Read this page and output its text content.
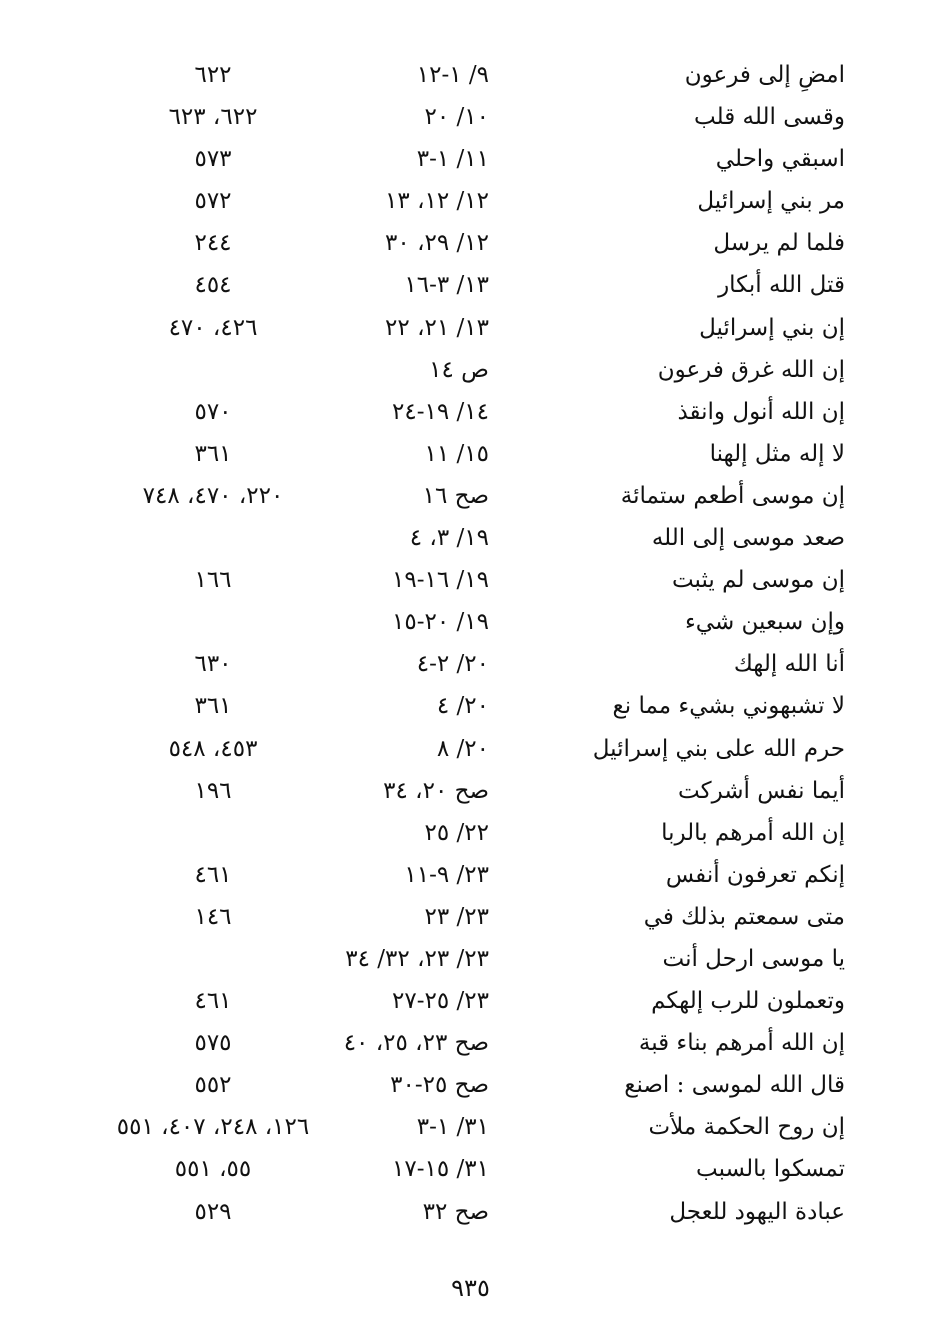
امضِ إلى فرعون
٩/ ١-١٢
٦٢٢
وقسى الله قلب
١٠/ ٢٠
٦٢٢، ٦٢٣
اسبقي واحلي
١١/ ١-٣
٥٧٣
مر بني إسرائيل
١٢/ ١٢، ١٣
٥٧٢
فلما لم يرسل
١٢/ ٢٩، ٣٠
٢٤٤
قتل الله أبكار
١٣/ ٣-١٦
٤٥٤
إن بني إسرائيل
١٣/ ٢١، ٢٢
٤٢٦، ٤٧٠
إن الله غرق فرعون
ص ١٤
إن الله أنول وانقذ
١٤/ ١٩-٢٤
٥٧٠
لا إله مثل إلهنا
١٥/ ١١
٣٦١
إن موسى أطعم ستمائة
صح ١٦
٢٢٠، ٤٧٠، ٧٤٨
صعد موسى إلى الله
١٩/ ٣، ٤
إن موسى لم يثبت
١٩/ ١٦-١٩
١٦٦
وإن سبعين شيء
١٩/ ٢٠-١٥
أنا الله إلهك
٢٠/ ٢-٤
٦٣٠
لا تشبهوني بشيء مما نع
٢٠/ ٤
٣٦١
حرم الله على بني إسرائيل
٢٠/ ٨
٤٥٣، ٥٤٨
أيما نفس أشركت
صح ٢٠، ٣٤
١٩٦
إن الله أمرهم بالربا
٢٢/ ٢٥
إنكم تعرفون أنفس
٢٣/ ٩-١١
٤٦١
متى سمعتم بذلك في
٢٣/ ٢٣
١٤٦
يا موسى ارحل أنت
٢٣/ ٢٣، ٣٢/ ٣٤
وتعملون للرب إلهكم
٢٣/ ٢٥-٢٧
٤٦١
إن الله أمرهم بناء قبة
صح ٢٣، ٢٥، ٤٠
٥٧٥
قال الله لموسى : اصنع
صح ٢٥-٣٠
٥٥٢
إن روح الحكمة ملأت
٣١/ ١-٣
١٢٦، ٢٤٨، ٤٠٧، ٥٥١
تمسكوا بالسبب
٣١/ ١٥-١٧
٥٥، ٥٥١
عبادة اليهود للعجل
صح ٣٢
٥٢٩
٩٣٥
